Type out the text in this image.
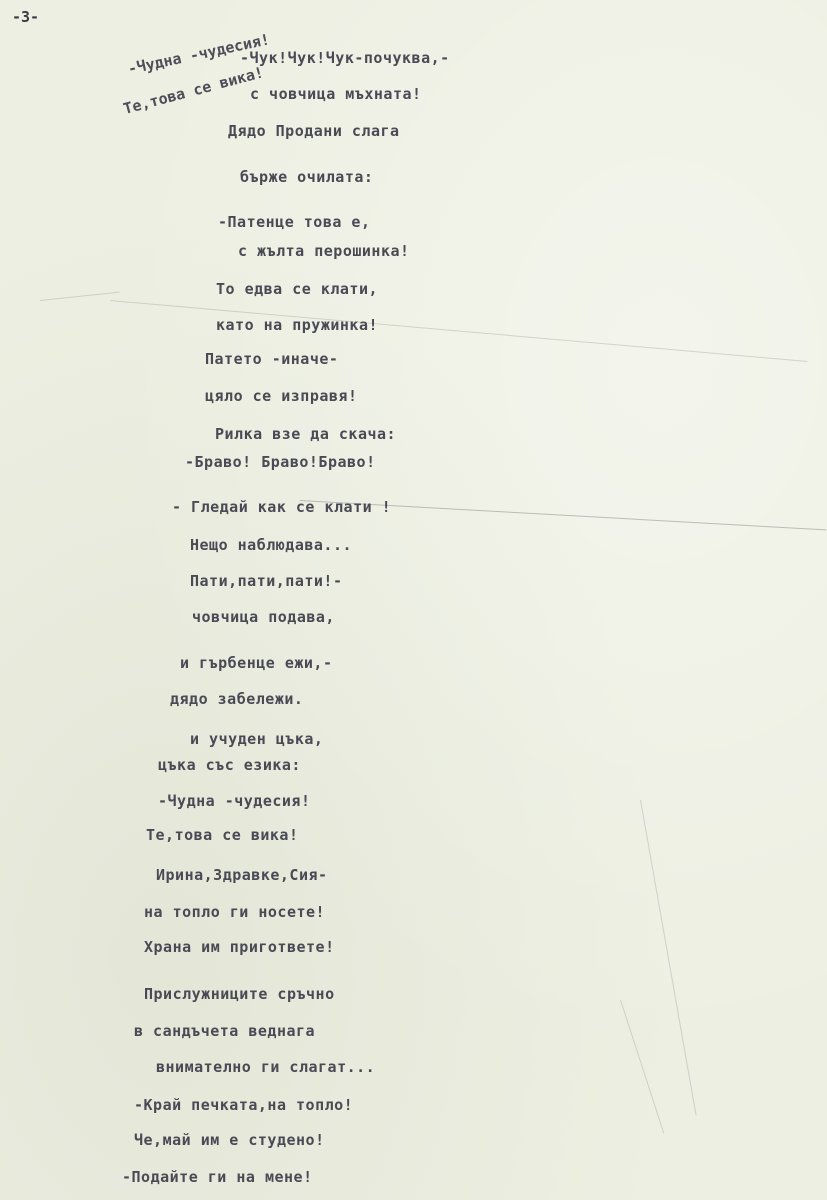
-3-
-Чудна -чудесия!
Те,това се вика!
-Чук!Чук!Чук-почуква,-
с човчица мъхната!
Дядо Продани слага
бърже очилата:
-Патенце това е,
с жълта перошинка!
То едва се клати,
като на пружинка!
Патето -иначе-
цяло се изправя!
Рилка взе да скача:
-Браво! Браво!Браво!
- Гледай как се клати !
Нещо наблюдава...
Пати,пати,пати!-
човчица подава,
и гърбенце ежи,-
дядо забележи.
и учуден цъка,
цъка със езика:
-Чудна -чудесия!
Те,това се вика!
Ирина,Здравке,Сия-
на топло ги носете!
Храна им пригответе!
Прислужниците сръчно
в сандъчета веднага
внимателно ги слагат...
-Край печката,на топло!
Че,май им е студено!
-Подайте ги на мене!
